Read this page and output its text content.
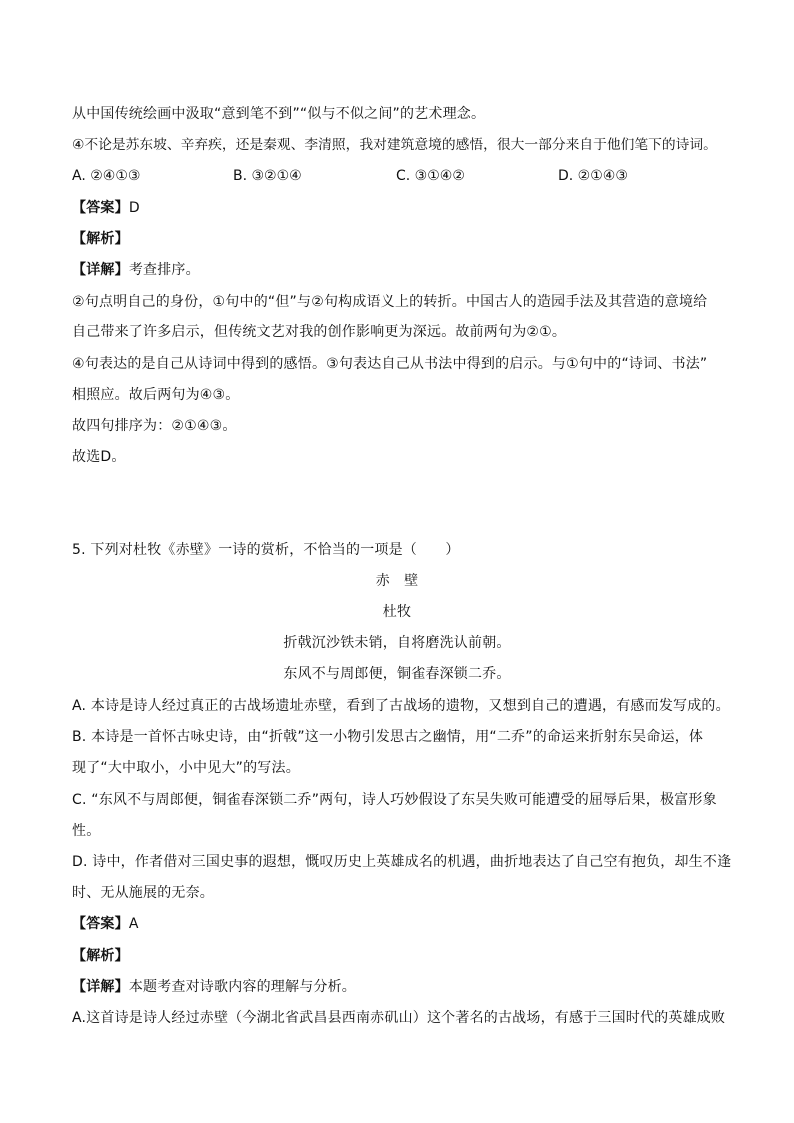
从中国传统绘画中汲取“意到笔不到”“似与不似之间”的艺术理念。
④不论是苏东坡、辛弃疾，还是秦观、李清照，我对建筑意境的感悟，很大一部分来自于他们笔下的诗词。
A. ②④①③	B. ③②①④	C. ③①④②	D. ②①④③
【答案】D
【解析】
【详解】考查排序。
②句点明自己的身份，①句中的“但”与②句构成语义上的转折。中国古人的造园手法及其营造的意境给
自己带来了许多启示，但传统文艺对我的创作影响更为深远。故前两句为②①。
④句表达的是自己从诗词中得到的感悟。③句表达自己从书法中得到的启示。与①句中的“诗词、书法”
相照应。故后两句为④③。
故四句排序为：②①④③。
故选D。
5. 下列对杜牧《赤壁》一诗的赏析，不恰当的一项是（　　）
赤　壁
杜牧
折戟沉沙铁未销，自将磨洗认前朝。
东风不与周郎便，铜雀春深锁二乔。
A. 本诗是诗人经过真正的古战场遗址赤壁，看到了古战场的遗物，又想到自己的遭遇，有感而发写成的。
B. 本诗是一首怀古咏史诗，由“折戟”这一小物引发思古之幽情，用“二乔”的命运来折射东吴命运，体
现了“大中取小，小中见大”的写法。
C. “东风不与周郎便，铜雀春深锁二乔”两句，诗人巧妙假设了东吴失败可能遭受的屈辱后果，极富形象
性。
D. 诗中，作者借对三国史事的遐想，慨叹历史上英雄成名的机遇，曲折地表达了自己空有抱负，却生不逢
时、无从施展的无奈。
【答案】A
【解析】
【详解】本题考查对诗歌内容的理解与分析。
A.这首诗是诗人经过赤壁（今湖北省武昌县西南赤矶山）这个著名的古战场，有感于三国时代的英雄成败
